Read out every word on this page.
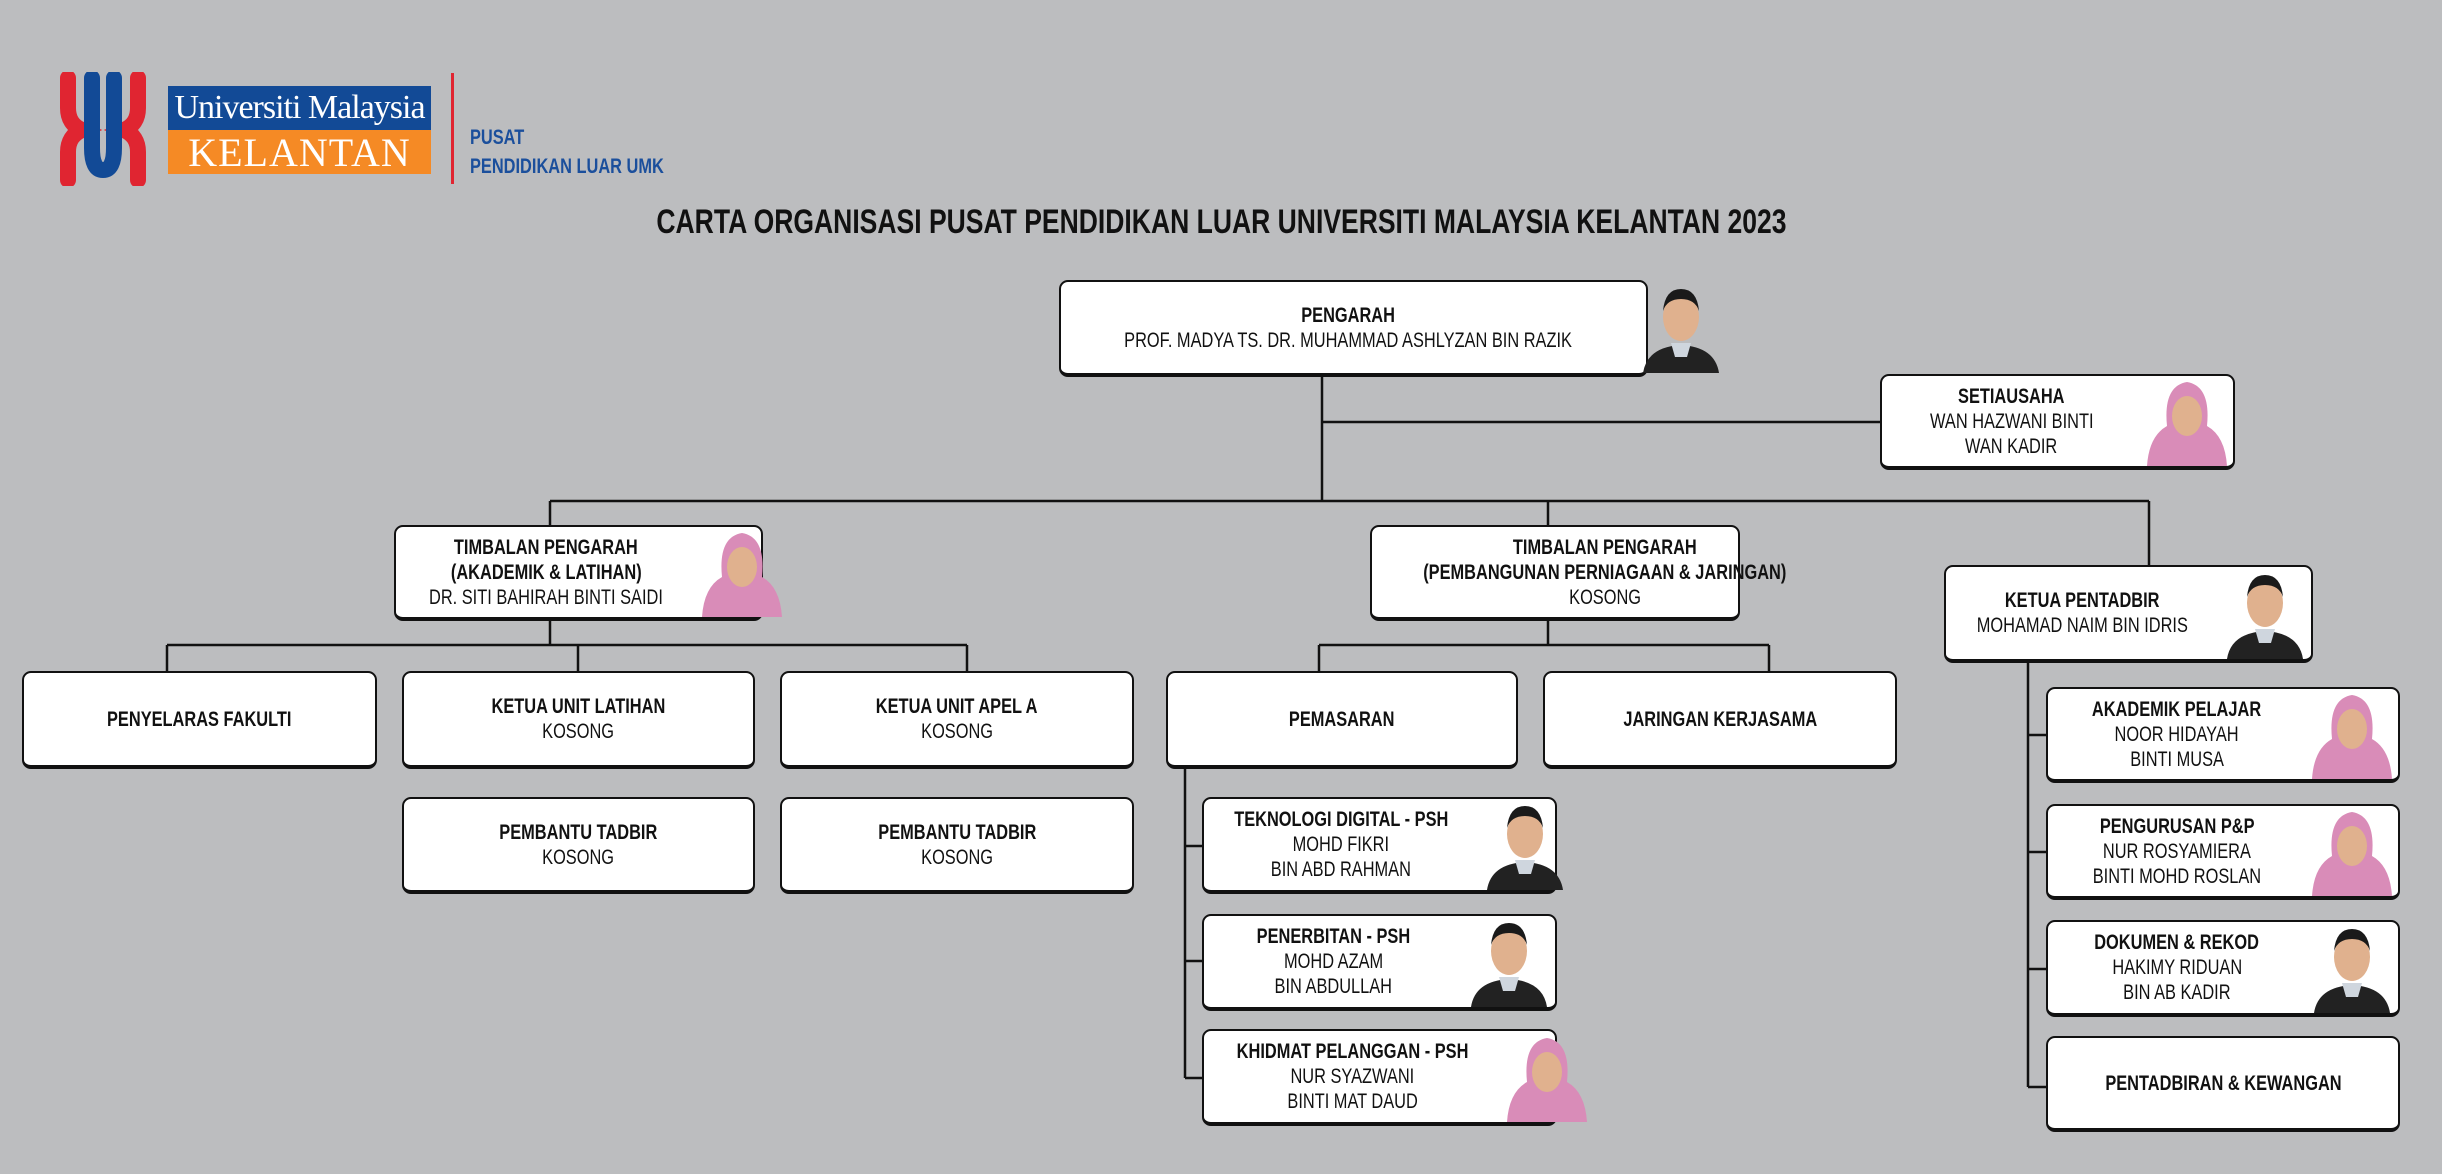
Universiti Malaysia
KELANTAN	PUSAT
PENDIDIKAN LUAR UMK
CARTA ORGANISASI PUSAT PENDIDIKAN LUAR UNIVERSITI MALAYSIA KELANTAN 2023
PENGARAH
PROF. MADYA TS. DR. MUHAMMAD ASHLYZAN BIN RAZIK
SETIAUSAHA
WAN HAZWANI BINTI
WAN KADIR
TIMBALAN PENGARAH
(AKADEMIK & LATIHAN)
DR. SITI BAHIRAH BINTI SAIDI
TIMBALAN PENGARAH
(PEMBANGUNAN PERNIAGAAN & JARINGAN)
KOSONG	KETUA PENTADBIR
MOHAMAD NAIM BIN IDRIS
PENYELARAS FAKULTI
KETUA UNIT LATIHAN
KOSONG
KETUA UNIT APEL A
KOSONG
PEMBANTU TADBIR
KOSONG
PEMBANTU TADBIR
KOSONG
PEMASARAN	JARINGAN KERJASAMA
TEKNOLOGI DIGITAL - PSH
MOHD FIKRI
BIN ABD RAHMAN
PENERBITAN - PSH
MOHD AZAM
BIN ABDULLAH
KHIDMAT PELANGGAN - PSH
NUR SYAZWANI
BINTI MAT DAUD
AKADEMIK PELAJAR
NOOR HIDAYAH
BINTI MUSA
PENGURUSAN P&P
NUR ROSYAMIERA
BINTI MOHD ROSLAN
DOKUMEN & REKOD
HAKIMY RIDUAN
BIN AB KADIR
PENTADBIRAN & KEWANGAN
